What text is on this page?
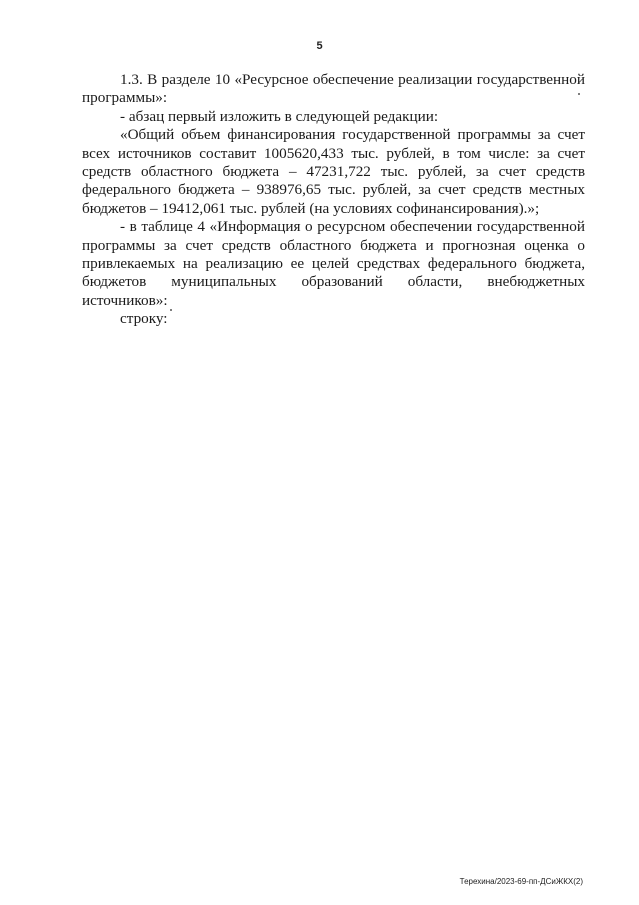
5

1.3. В разделе 10 «Ресурсное обеспечение реализации государственной программы»:

- абзац первый изложить в следующей редакции:

«Общий объем финансирования государственной программы за счет всех источников составит 1005620,433 тыс. рублей, в том числе: за счет средств областного бюджета – 47231,722 тыс. рублей, за счет средств федерального бюджета – 938976,65 тыс. рублей, за счет средств местных бюджетов – 19412,061 тыс. рублей (на условиях софинансирования).»;

- в таблице 4 «Информация о ресурсном обеспечении государственной программы за счет средств областного бюджета и прогнозная оценка о привлекаемых на реализацию ее целей средствах федерального бюджета, бюджетов муниципальных образований области, внебюджетных источников»:

строку:

Терехина/2023-69-пп-ДСиЖКХ(2)
